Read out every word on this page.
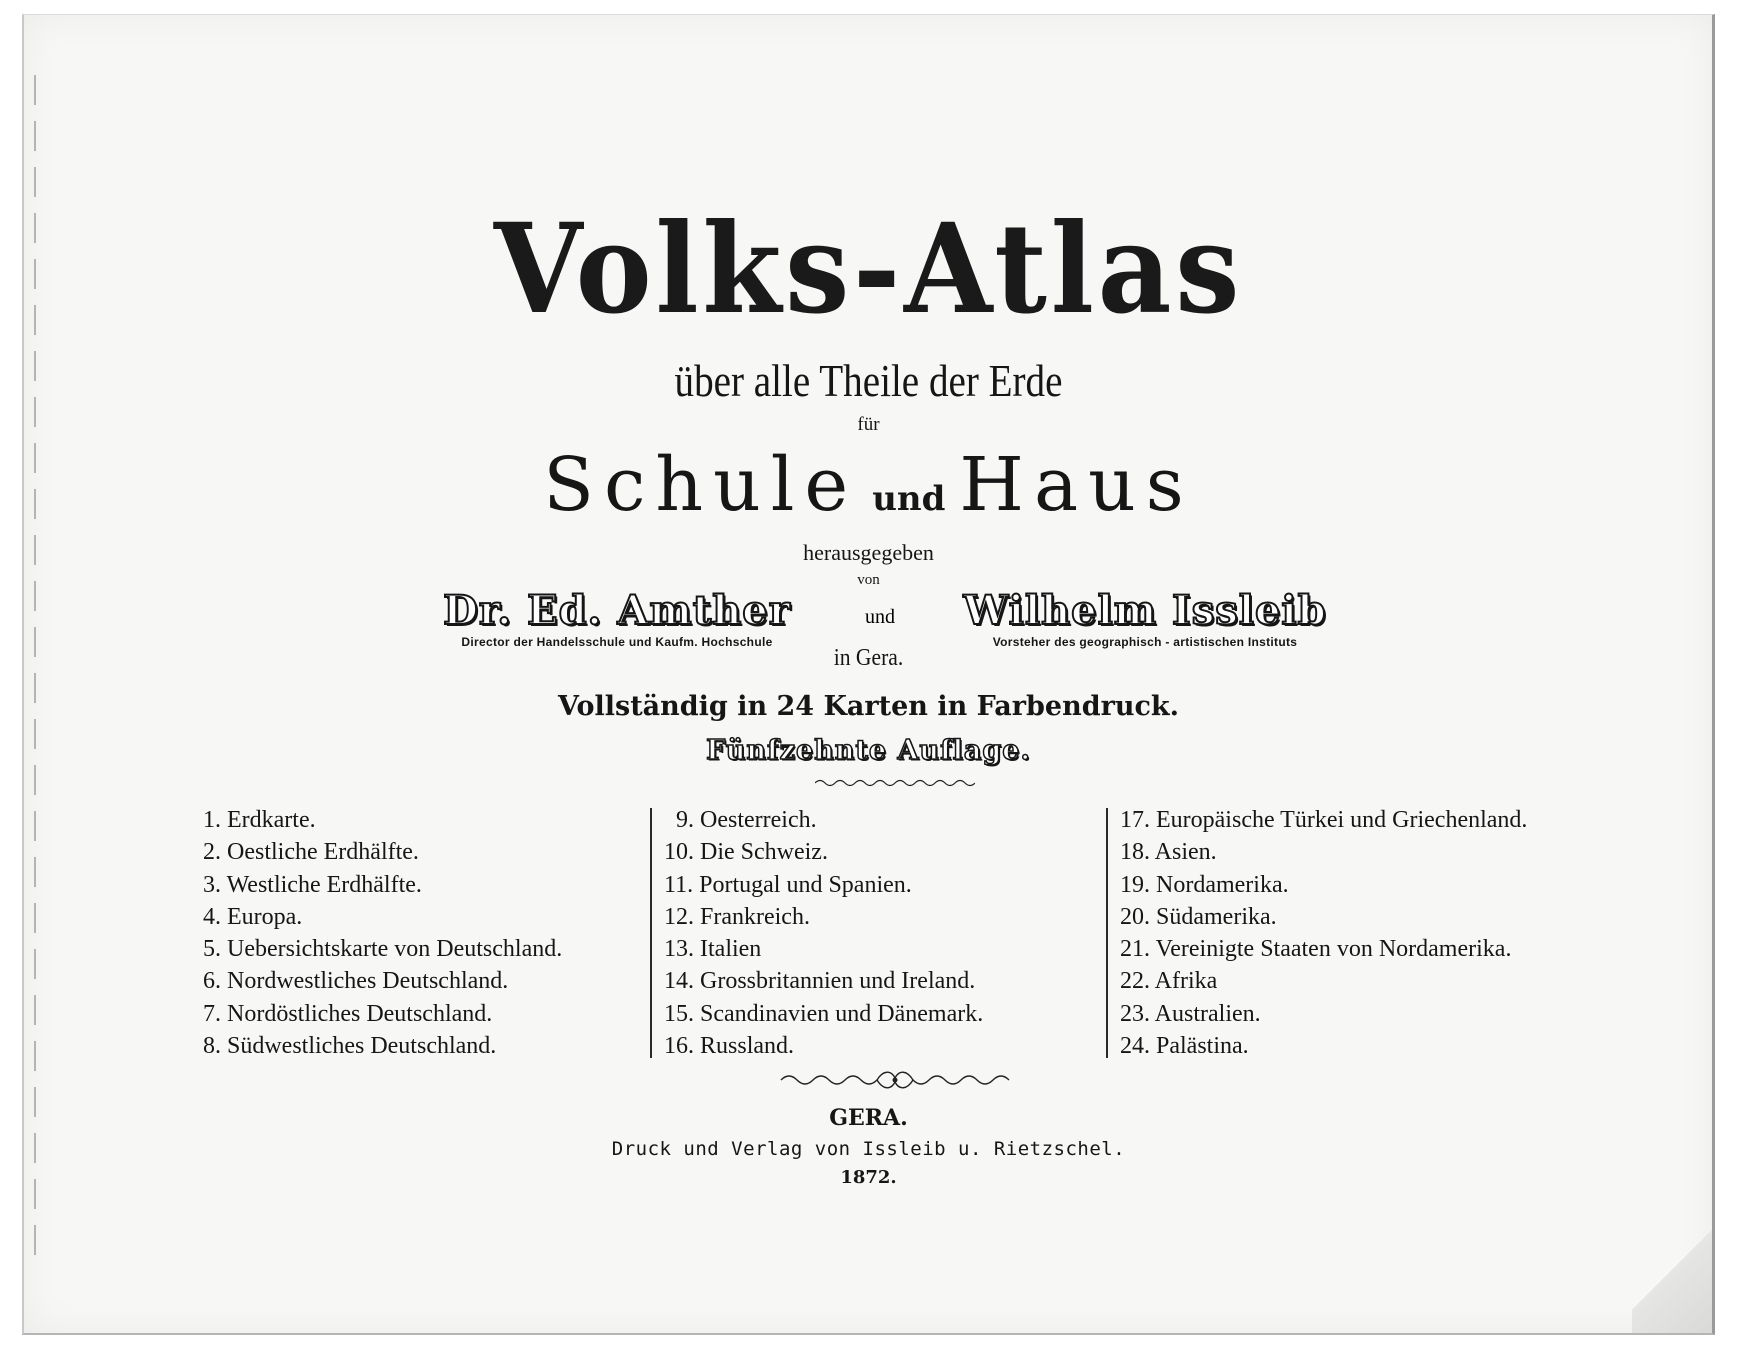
Volks-Atlas
über alle Theile der Erde
für
Schule und Haus
herausgegeben
von
Dr. Ed. Amther
Director der Handelsschule und Kaufm. Hochschule
und	Wilhelm Issleib
Vorsteher des geographisch - artistischen Instituts
in Gera.
Vollständig in 24 Karten in Farbendruck.
Fünfzehnte Auflage.
1. Erdkarte.
2. Oestliche Erdhälfte.
3. Westliche Erdhälfte.
4. Europa.
5. Uebersichtskarte von Deutschland.
6. Nordwestliches Deutschland.
7. Nordöstliches Deutschland.
8. Südwestliches Deutschland.
9. Oesterreich.
10. Die Schweiz.
11. Portugal und Spanien.
12. Frankreich.
13. Italien
14. Grossbritannien und Ireland.
15. Scandinavien und Dänemark.
16. Russland.
17. Europäische Türkei und Griechenland.
18. Asien.
19. Nordamerika.
20. Südamerika.
21. Vereinigte Staaten von Nordamerika.
22. Afrika
23. Australien.
24. Palästina.
GERA.
Druck und Verlag von Issleib u. Rietzschel.
1872.
